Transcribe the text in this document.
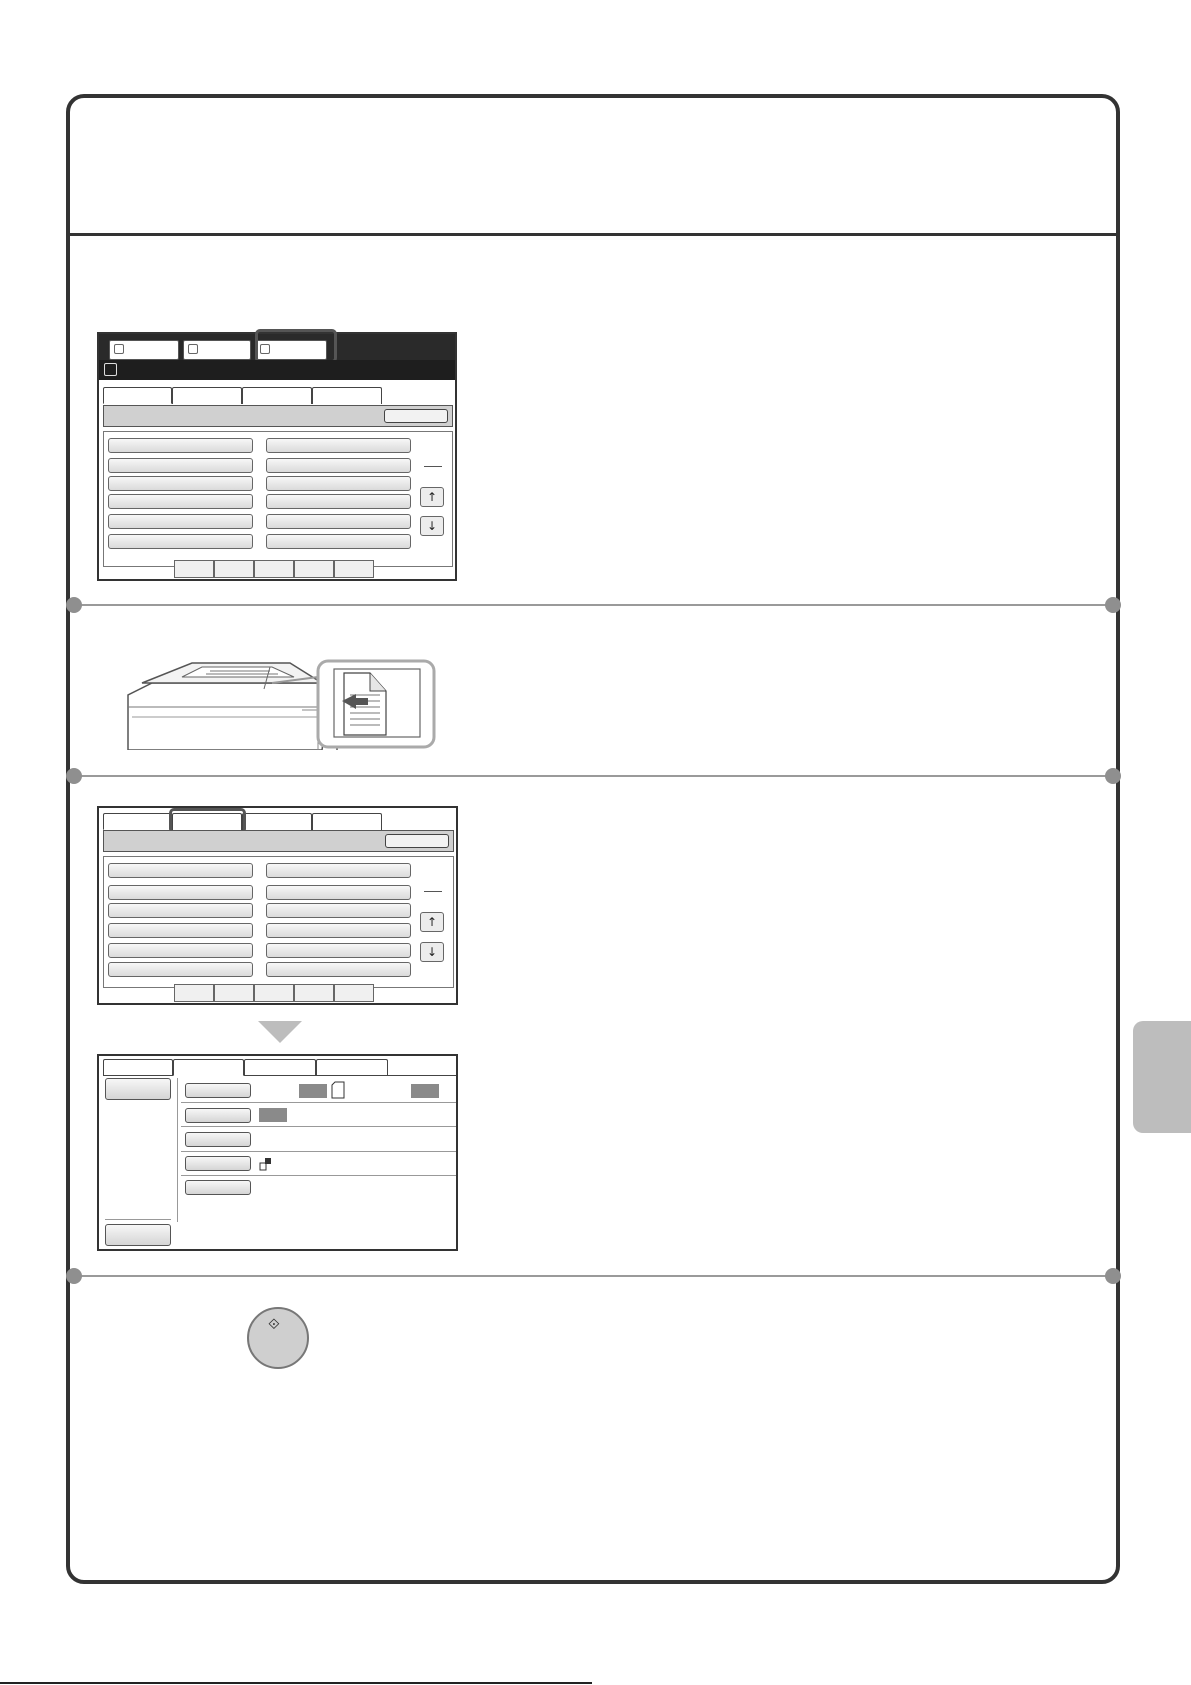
↑
↓
↑
↓
⟐
